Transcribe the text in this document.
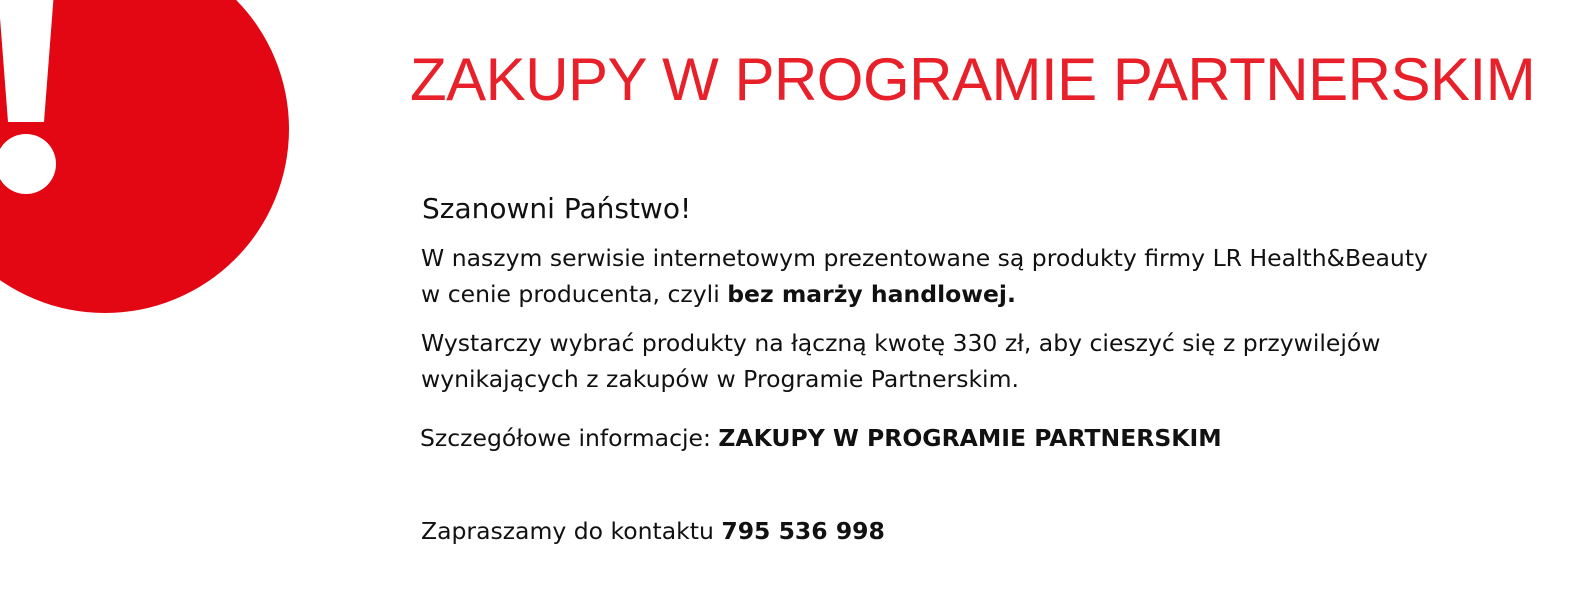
ZAKUPY W PROGRAMIE PARTNERSKIM

Szanowni Państwo!

W naszym serwisie internetowym prezentowane są produkty firmy LR Health&Beauty
w cenie producenta, czyli bez marży handlowej.

Wystarczy wybrać produkty na łączną kwotę 330 zł, aby cieszyć się z przywilejów
wynikających z zakupów w Programie Partnerskim.

Szczegółowe informacje: ZAKUPY W PROGRAMIE PARTNERSKIM

Zapraszamy do kontaktu 795 536 998
